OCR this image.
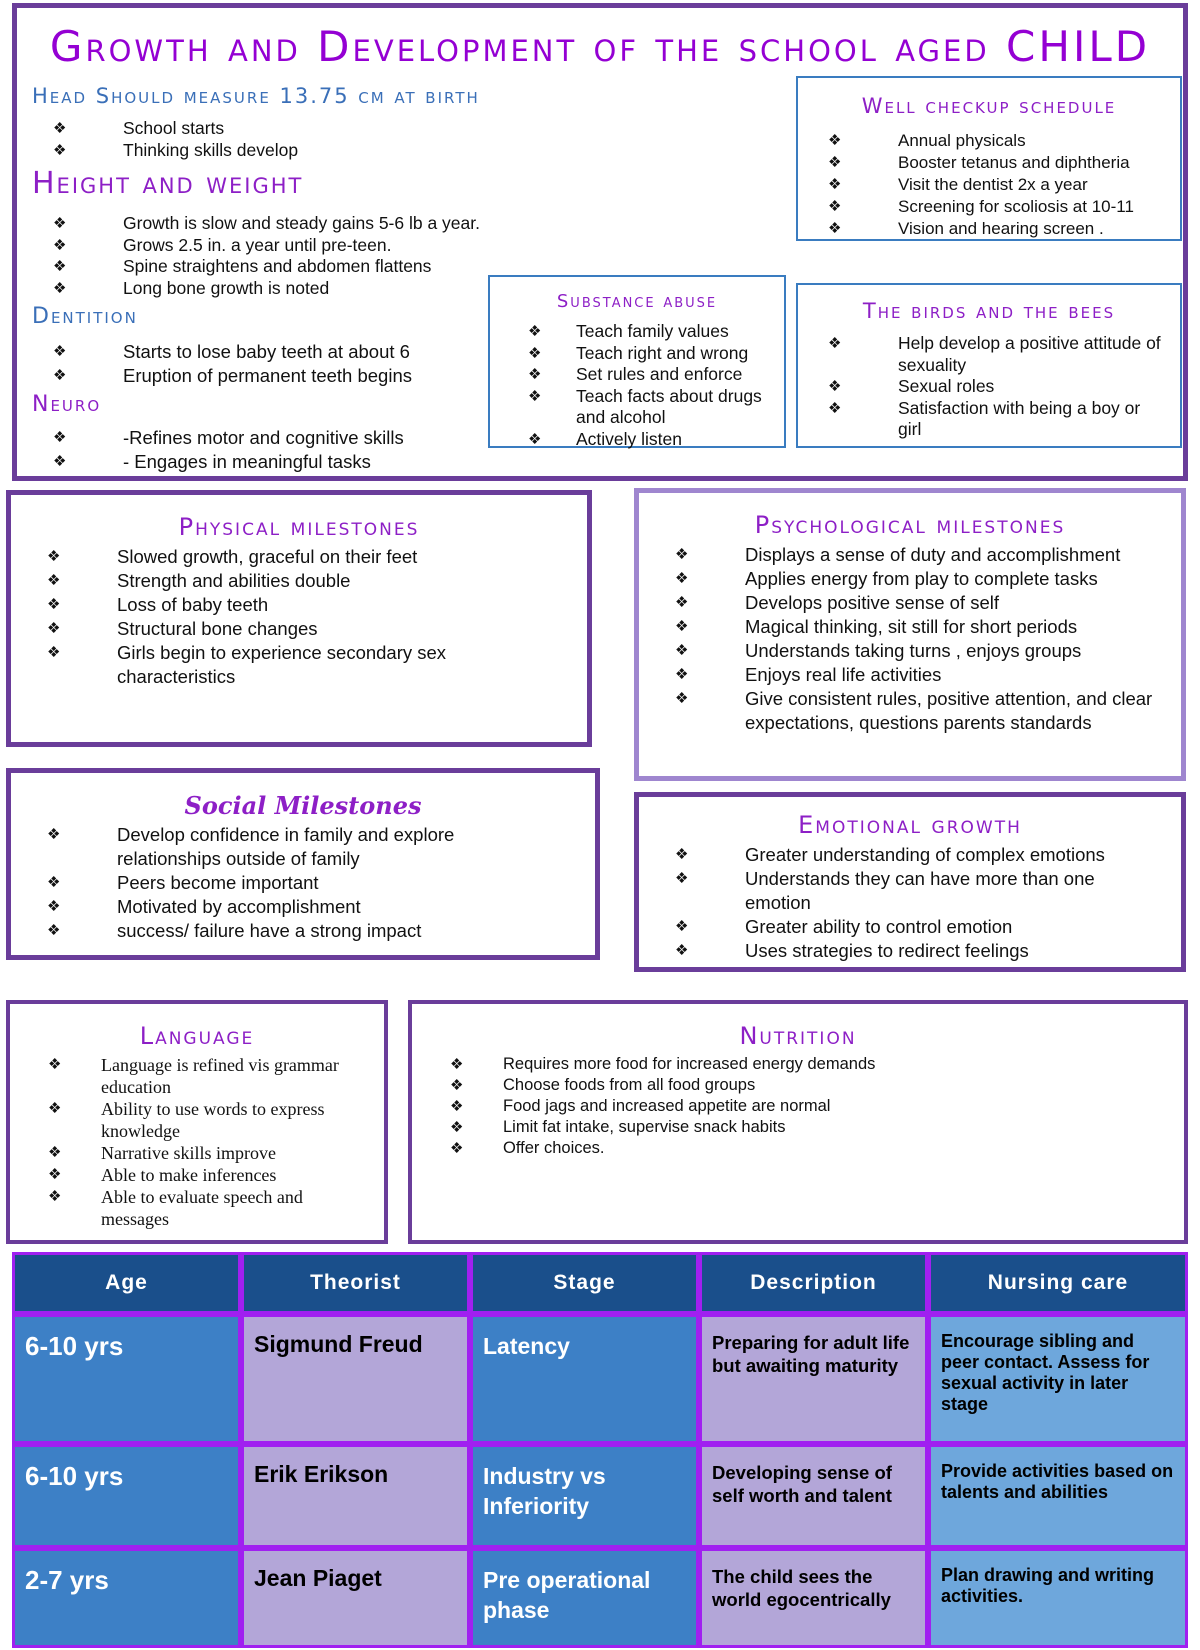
Growth and Development of the school aged CHILD
Head Should measure 13.75 cm at birth
❖ School starts
❖ Thinking skills develop
Height and weight
❖ Growth is slow and steady gains 5-6 lb a year.
❖ Grows 2.5 in. a year until pre-teen.
❖ Spine straightens and abdomen flattens
❖ Long bone growth is noted
Dentition
❖ Starts to lose baby teeth at about 6
❖ Eruption of permanent teeth begins
Neuro
❖ -Refines motor and cognitive skills
❖ - Engages in meaningful tasks
Well checkup schedule
❖ Annual physicals
❖ Booster tetanus and diphtheria
❖ Visit the dentist 2x a year
❖ Screening for scoliosis at 10-11
❖ Vision and hearing screen .
Substance abuse
❖ Teach family values
❖ Teach right and wrong
❖ Set rules and enforce
❖ Teach facts about drugs and alcohol
❖ Actively listen
The birds and the bees
❖ Help develop a positive attitude of sexuality
❖ Sexual roles
❖ Satisfaction with being a boy or girl
Physical milestones
❖ Slowed growth, graceful on their feet
❖ Strength and abilities double
❖ Loss of baby teeth
❖ Structural bone changes
❖ Girls begin to experience secondary sex characteristics
Psychological milestones
❖ Displays a sense of duty and accomplishment
❖ Applies energy from play to complete tasks
❖ Develops positive sense of self
❖ Magical thinking, sit still for short periods
❖ Understands taking turns , enjoys groups
❖ Enjoys real life activities
❖ Give consistent rules, positive attention, and clear expectations, questions parents standards
Social Milestones
❖ Develop confidence in family and explore relationships outside of family
❖ Peers become important
❖ Motivated by accomplishment
❖ success/ failure have a strong impact
Emotional growth
❖ Greater understanding of complex emotions
❖ Understands they can have more than one emotion
❖ Greater ability to control emotion
❖ Uses strategies to redirect feelings
Language
❖ Language is refined vis grammar education
❖ Ability to use words to express knowledge
❖ Narrative skills improve
❖ Able to make inferences
❖ Able to evaluate speech and messages
Nutrition
❖ Requires more food for increased energy demands
❖ Choose foods from all food groups
❖ Food jags and increased appetite are normal
❖ Limit fat intake, supervise snack habits
❖ Offer choices.
Age	Theorist	Stage	Description	Nursing care
6-10 yrs	Sigmund Freud	Latency	Preparing for adult life but awaiting maturity	Encourage sibling and peer contact. Assess for sexual activity in later stage
6-10 yrs	Erik Erikson	Industry vs Inferiority	Developing sense of self worth and talent	Provide activities based on talents and abilities
2-7 yrs	Jean Piaget	Pre operational phase	The child sees the world egocentrically	Plan drawing and writing activities.
